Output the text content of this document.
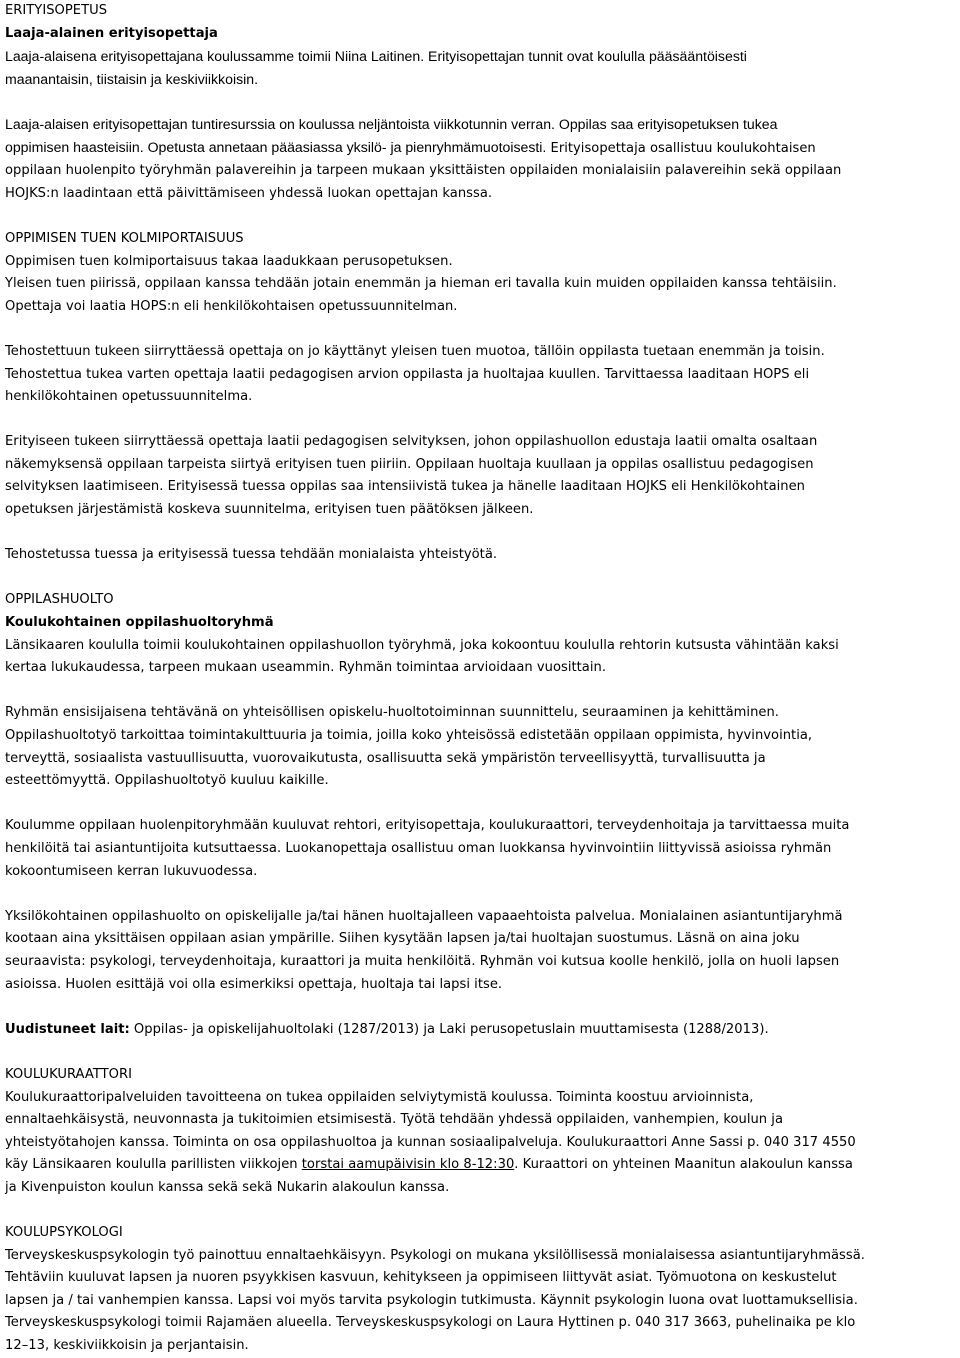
ERITYISOPETUS

Laaja-alainen erityisopettaja

Laaja-alaisena erityisopettajana koulussamme toimii Niina Laitinen. Erityisopettajan tunnit ovat koululla pääsääntöisesti

maanantaisin, tiistaisin ja keskiviikkoisin.

Laaja-alaisen erityisopettajan tuntiresurssia on koulussa neljäntoista viikkotunnin verran. Oppilas saa erityisopetuksen tukea

oppimisen haasteisiin. Opetusta annetaan pääasiassa yksilö- ja pienryhmämuotoisesti. Erityisopettaja osallistuu koulukohtaisen

oppilaan huolenpito työryhmän palavereihin ja tarpeen mukaan yksittäisten oppilaiden monialaisiin palavereihin sekä oppilaan

HOJKS:n laadintaan että päivittämiseen yhdessä luokan opettajan kanssa.

OPPIMISEN TUEN KOLMIPORTAISUUS

Oppimisen tuen kolmiportaisuus takaa laadukkaan perusopetuksen.

Yleisen tuen piirissä, oppilaan kanssa tehdään jotain enemmän ja hieman eri tavalla kuin muiden oppilaiden kanssa tehtäisiin.

Opettaja voi laatia HOPS:n eli henkilökohtaisen opetussuunnitelman.

Tehostettuun tukeen siirryttäessä opettaja on jo käyttänyt yleisen tuen muotoa, tällöin oppilasta tuetaan enemmän ja toisin.

Tehostettua tukea varten opettaja laatii pedagogisen arvion oppilasta ja huoltajaa kuullen. Tarvittaessa laaditaan HOPS eli

henkilökohtainen opetussuunnitelma.

Erityiseen tukeen siirryttäessä opettaja laatii pedagogisen selvityksen, johon oppilashuollon edustaja laatii omalta osaltaan

näkemyksensä oppilaan tarpeista siirtyä erityisen tuen piiriin. Oppilaan huoltaja kuullaan ja oppilas osallistuu pedagogisen

selvityksen laatimiseen. Erityisessä tuessa oppilas saa intensiivistä tukea ja hänelle laaditaan HOJKS eli Henkilökohtainen

opetuksen järjestämistä koskeva suunnitelma, erityisen tuen päätöksen jälkeen.

Tehostetussa tuessa ja erityisessä tuessa tehdään monialaista yhteistyötä.

OPPILASHUOLTO

Koulukohtainen oppilashuoltoryhmä

Länsikaaren koululla toimii koulukohtainen oppilashuollon työryhmä, joka kokoontuu koululla rehtorin kutsusta vähintään kaksi

kertaa lukukaudessa, tarpeen mukaan useammin. Ryhmän toimintaa arvioidaan vuosittain.

Ryhmän ensisijaisena tehtävänä on yhteisöllisen opiskelu-huoltotoiminnan suunnittelu, seuraaminen ja kehittäminen.

Oppilashuoltotyö tarkoittaa toimintakulttuuria ja toimia, joilla koko yhteisössä edistetään oppilaan oppimista, hyvinvointia,

terveyttä, sosiaalista vastuullisuutta, vuorovaikutusta, osallisuutta sekä ympäristön terveellisyyttä, turvallisuutta ja

esteettömyyttä. Oppilashuoltotyö kuuluu kaikille.

Koulumme oppilaan huolenpitoryhmään kuuluvat rehtori, erityisopettaja, koulukuraattori, terveydenhoitaja ja tarvittaessa muita

henkilöitä tai asiantuntijoita kutsuttaessa. Luokanopettaja osallistuu oman luokkansa hyvinvointiin liittyvissä asioissa ryhmän

kokoontumiseen kerran lukuvuodessa.

Yksilökohtainen oppilashuolto on opiskelijalle ja/tai hänen huoltajalleen vapaaehtoista palvelua. Monialainen asiantuntijaryhmä

kootaan aina yksittäisen oppilaan asian ympärille. Siihen kysytään lapsen ja/tai huoltajan suostumus. Läsnä on aina joku

seuraavista: psykologi, terveydenhoitaja, kuraattori ja muita henkilöitä. Ryhmän voi kutsua koolle henkilö, jolla on huoli lapsen

asioissa. Huolen esittäjä voi olla esimerkiksi opettaja, huoltaja tai lapsi itse.

Uudistuneet lait: Oppilas- ja opiskelijahuoltolaki (1287/2013) ja Laki perusopetuslain muuttamisesta (1288/2013).

KOULUKURAATTORI

Koulukuraattoripalveluiden tavoitteena on tukea oppilaiden selviytymistä koulussa. Toiminta koostuu arvioinnista,

ennaltaehkäisystä, neuvonnasta ja tukitoimien etsimisestä. Työtä tehdään yhdessä oppilaiden, vanhempien, koulun ja

yhteistyötahojen kanssa. Toiminta on osa oppilashuoltoa ja kunnan sosiaalipalveluja. Koulukuraattori Anne Sassi p. 040 317 4550

käy Länsikaaren koululla parillisten viikkojen torstai aamupäivisin klo 8-12:30. Kuraattori on yhteinen Maanitun alakoulun kanssa

ja Kivenpuiston koulun kanssa sekä sekä Nukarin alakoulun kanssa.

KOULUPSYKOLOGI

Terveyskeskuspsykologin työ painottuu ennaltaehkäisyyn. Psykologi on mukana yksilöllisessä monialaisessa asiantuntijaryhmässä.

Tehtäviin kuuluvat lapsen ja nuoren psyykkisen kasvuun, kehitykseen ja oppimiseen liittyvät asiat. Työmuotona on keskustelut

lapsen ja / tai vanhempien kanssa. Lapsi voi myös tarvita psykologin tutkimusta. Käynnit psykologin luona ovat luottamuksellisia.

Terveyskeskuspsykologi toimii Rajamäen alueella. Terveyskeskuspsykologi on Laura Hyttinen p. 040 317 3663, puhelinaika pe klo

12–13, keskiviikkoisin ja perjantaisin.
